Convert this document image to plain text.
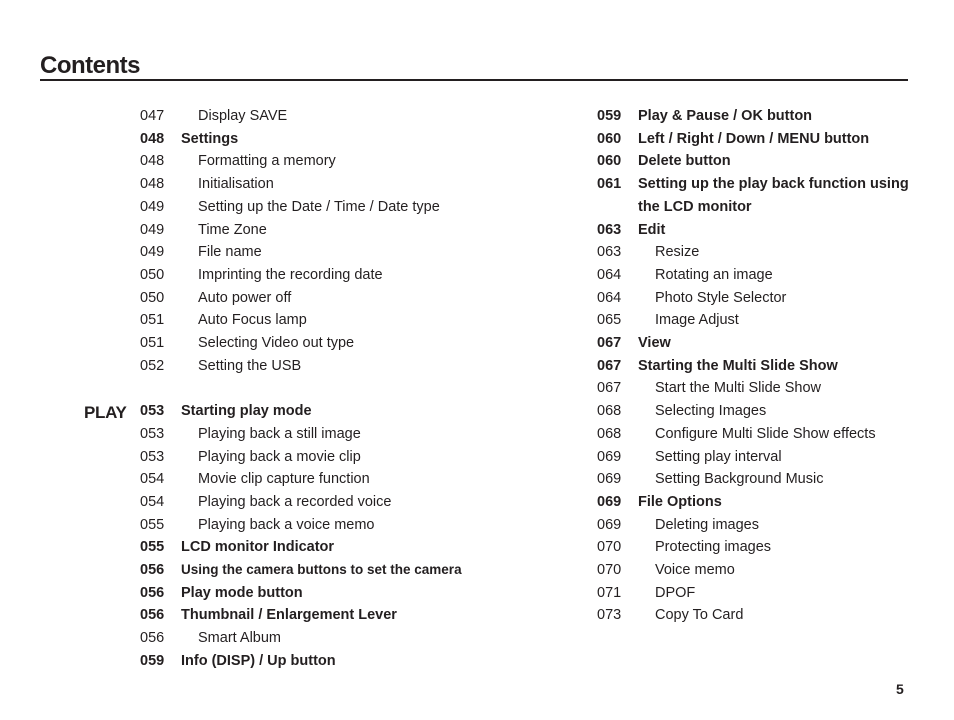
Contents
PLAY
047	Display SAVE
048	Settings
048	Formatting a memory
048	Initialisation
049	Setting up the Date / Time / Date type
049	Time Zone
049	File name
050	Imprinting the recording date
050	Auto power off
051	Auto Focus lamp
051	Selecting Video out type
052	Setting the USB
053	Starting play mode
053	Playing back a still image
053	Playing back a movie clip
054	Movie clip capture function
054	Playing back a recorded voice
055	Playing back a voice memo
055	LCD monitor Indicator
056	Using the camera buttons to set the camera
056	Play mode button
056	Thumbnail / Enlargement Lever
056	Smart Album
059	Info (DISP) / Up button
059	Play & Pause / OK button
060	Left / Right / Down / MENU button
060	Delete button
061	Setting up the play back function using
the LCD monitor
063	Edit
063	Resize
064	Rotating an image
064	Photo Style Selector
065	Image Adjust
067	View
067	Starting the Multi Slide Show
067	Start the Multi Slide Show
068	Selecting Images
068	Configure Multi Slide Show effects
069	Setting play interval
069	Setting Background Music
069	File Options
069	Deleting images
070	Protecting images
070	Voice memo
071	DPOF
073	Copy To Card
5
